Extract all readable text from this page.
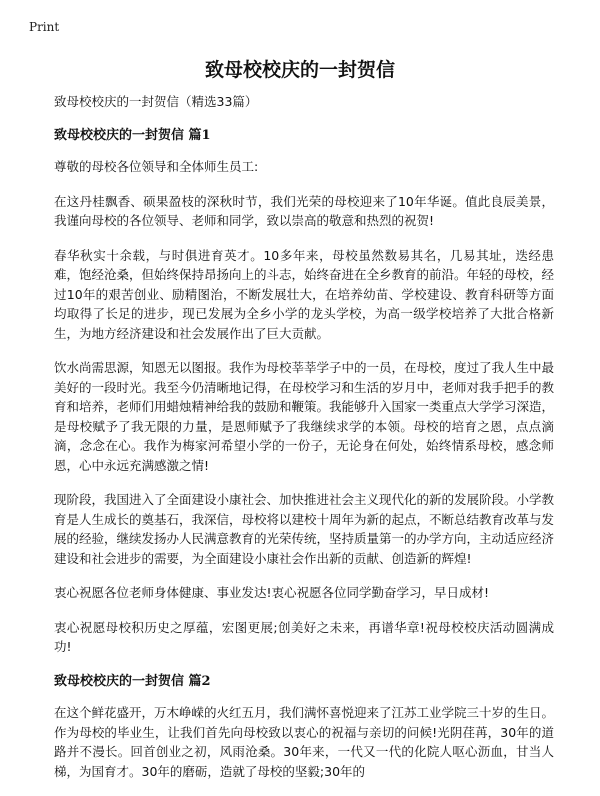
Print
致母校校庆的一封贺信

致母校校庆的一封贺信（精选33篇）

致母校校庆的一封贺信 篇1

尊敬的母校各位领导和全体师生员工:

在这丹桂飘香、硕果盈枝的深秋时节，我们光荣的母校迎来了10年华诞。值此良辰美景，我谨向母校的各位领导、老师和同学，致以崇高的敬意和热烈的祝贺!

春华秋实十余载，与时俱进育英才。10多年来，母校虽然数易其名，几易其址，迭经患难，饱经沧桑，但始终保持昂扬向上的斗志，始终奋进在全乡教育的前沿。年轻的母校，经过10年的艰苦创业、励精图治，不断发展壮大，在培养幼苗、学校建设、教育科研等方面均取得了长足的进步，现已发展为全乡小学的龙头学校，为高一级学校培养了大批合格新生，为地方经济建设和社会发展作出了巨大贡献。

饮水尚需思源，知恩无以图报。我作为母校莘莘学子中的一员，在母校，度过了我人生中最美好的一段时光。我至今仍清晰地记得，在母校学习和生活的岁月中，老师对我手把手的教育和培养，老师们用蜡烛精神给我的鼓励和鞭策。我能够升入国家一类重点大学学习深造，是母校赋予了我无限的力量，是恩师赋予了我继续求学的本领。母校的培育之恩，点点滴滴，念念在心。我作为梅家河希望小学的一份子，无论身在何处，始终情系母校，感念师恩，心中永远充满感激之情!

现阶段，我国进入了全面建设小康社会、加快推进社会主义现代化的新的发展阶段。小学教育是人生成长的奠基石，我深信，母校将以建校十周年为新的起点，不断总结教育改革与发展的经验，继续发扬办人民满意教育的光荣传统，坚持质量第一的办学方向，主动适应经济建设和社会进步的需要，为全面建设小康社会作出新的贡献、创造新的辉煌!

衷心祝愿各位老师身体健康、事业发达!衷心祝愿各位同学勤奋学习，早日成材!

衷心祝愿母校积历史之厚蕴，宏图更展;创美好之未来，再谱华章!祝母校校庆活动圆满成功!

致母校校庆的一封贺信 篇2

在这个鲜花盛开，万木峥嵘的火红五月，我们满怀喜悦迎来了江苏工业学院三十岁的生日。作为母校的毕业生，让我们首先向母校致以衷心的祝福与亲切的问候!光阴荏苒，30年的道路并不漫长。回首创业之初，风雨沧桑。30年来，一代又一代的化院人呕心沥血，甘当人梯，为国育才。30年的磨砺，造就了母校的坚毅;30年的
